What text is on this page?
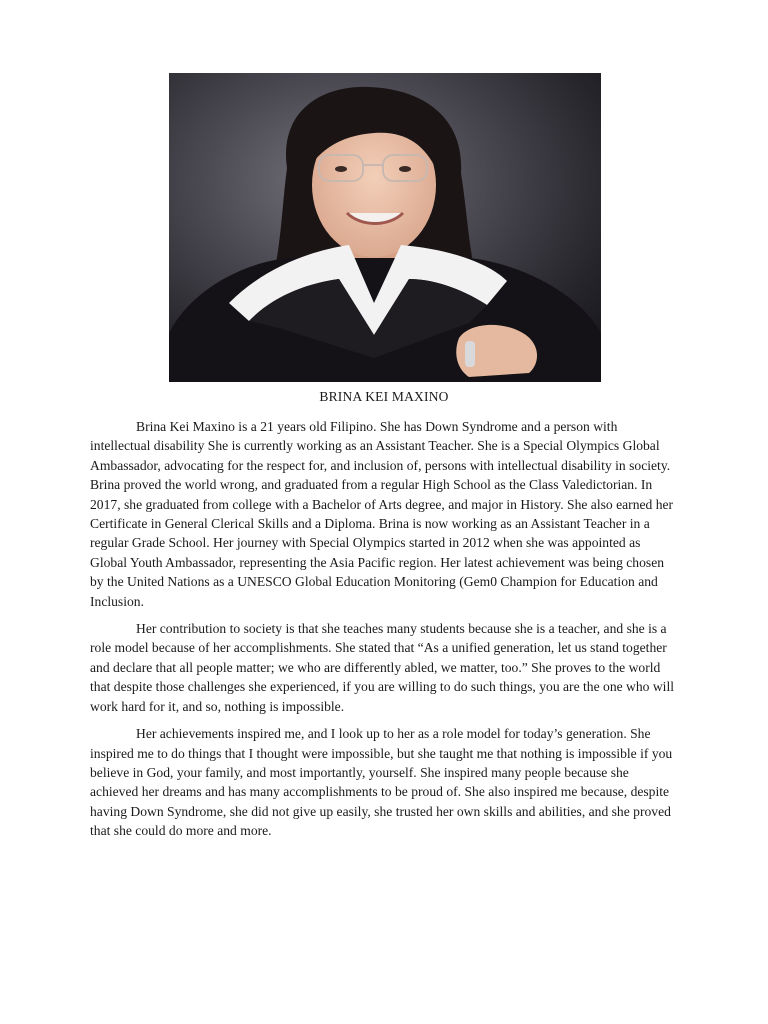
BRINA KEI MAXINO

Brina Kei Maxino is a 21 years old Filipino. She has Down Syndrome and a person with intellectual disability She is currently working as an Assistant Teacher. She is a Special Olympics Global Ambassador, advocating for the respect for, and inclusion of, persons with intellectual disability in society. Brina proved the world wrong, and graduated from a regular High School as the Class Valedictorian. In 2017, she graduated from college with a Bachelor of Arts degree, and major in History. She also earned her Certificate in General Clerical Skills and a Diploma. Brina is now working as an Assistant Teacher in a regular Grade School. Her journey with Special Olympics started in 2012 when she was appointed as Global Youth Ambassador, representing the Asia Pacific region. Her latest achievement was being chosen by the United Nations as a UNESCO Global Education Monitoring (Gem0 Champion for Education and Inclusion.

Her contribution to society is that she teaches many students because she is a teacher, and she is a role model because of her accomplishments. She stated that “As a unified generation, let us stand together and declare that all people matter; we who are differently abled, we matter, too.” She proves to the world that despite those challenges she experienced, if you are willing to do such things, you are the one who will work hard for it, and so, nothing is impossible.

Her achievements inspired me, and I look up to her as a role model for today’s generation. She inspired me to do things that I thought were impossible, but she taught me that nothing is impossible if you believe in God, your family, and most importantly, yourself. She inspired many people because she achieved her dreams and has many accomplishments to be proud of. She also inspired me because, despite having Down Syndrome, she did not give up easily, she trusted her own skills and abilities, and she proved that she could do more and more.
